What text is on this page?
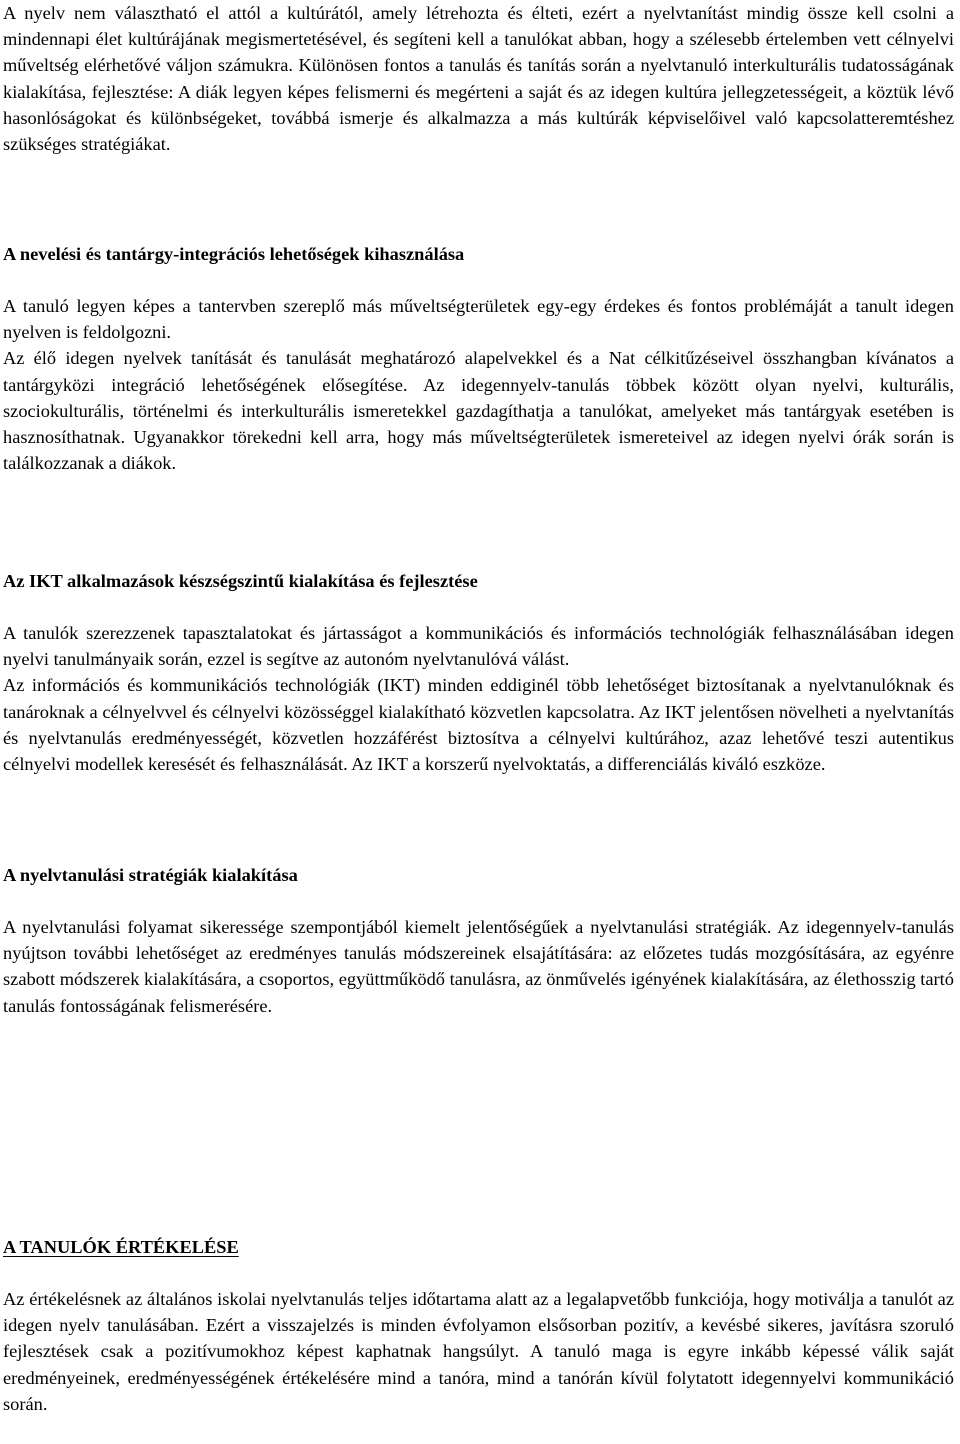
A nyelv nem választható el attól a kultúrától, amely létrehozta és élteti, ezért a nyelvtanítást mindig össze kell csolni a mindennapi élet kultúrájának megismertetésével, és segíteni kell a tanulókat abban, hogy a szélesebb értelemben vett célnyelvi műveltség elérhetővé váljon számukra. Különösen fontos a tanulás és tanítás során a nyelvtanuló interkulturális tudatosságának kialakítása, fejlesztése: A diák legyen képes felismerni és megérteni a saját és az idegen kultúra jellegzetességeit, a köztük lévő hasonlóságokat és különbségeket, továbbá ismerje és alkalmazza a más kultúrák képviselőivel való kapcsolatteremtéshez szükséges stratégiákat.

A nevelési és tantárgy-integrációs lehetőségek kihasználása

A tanuló legyen képes a tantervben szereplő más műveltségterületek egy-egy érdekes és fontos problémáját a tanult idegen nyelven is feldolgozni.

Az élő idegen nyelvek tanítását és tanulását meghatározó alapelvekkel és a Nat célkitűzéseivel összhangban kívánatos a tantárgyközi integráció lehetőségének elősegítése. Az idegennyelv-tanulás többek között olyan nyelvi, kulturális, szociokulturális, történelmi és interkulturális ismeretekkel gazdagíthatja a tanulókat, amelyeket más tantárgyak esetében is hasznosíthatnak. Ugyanakkor törekedni kell arra, hogy más műveltségterületek ismereteivel az idegen nyelvi órák során is találkozzanak a diákok.

Az IKT alkalmazások készségszintű kialakítása és fejlesztése

A tanulók szerezzenek tapasztalatokat és jártasságot a kommunikációs és információs technológiák felhasználásában idegen nyelvi tanulmányaik során, ezzel is segítve az autonóm nyelvtanulóvá válást.

Az információs és kommunikációs technológiák (IKT) minden eddiginél több lehetőséget biztosítanak a nyelvtanulóknak és tanároknak a célnyelvvel és célnyelvi közösséggel kialakítható közvetlen kapcsolatra. Az IKT jelentősen növelheti a nyelvtanítás és nyelvtanulás eredményességét, közvetlen hozzáférést biztosítva a célnyelvi kultúrához, azaz lehetővé teszi autentikus célnyelvi modellek keresését és felhasználását. Az IKT a korszerű nyelvoktatás, a differenciálás kiváló eszköze.

A nyelvtanulási stratégiák kialakítása

A nyelvtanulási folyamat sikeressége szempontjából kiemelt jelentőségűek a nyelvtanulási stratégiák. Az idegennyelv-tanulás nyújtson további lehetőséget az eredményes tanulás módszereinek elsajátítására: az előzetes tudás mozgósítására, az egyénre szabott módszerek kialakítására, a csoportos, együttműködő tanulásra, az önművelés igényének kialakítására, az élethosszig tartó tanulás fontosságának felismerésére.

A TANULÓK ÉRTÉKELÉSE

Az értékelésnek az általános iskolai nyelvtanulás teljes időtartama alatt az a legalapvetőbb funkciója, hogy motiválja a tanulót az idegen nyelv tanulásában. Ezért a visszajelzés is minden évfolyamon elsősorban pozitív, a kevésbé sikeres, javításra szoruló fejlesztések csak a pozitívumokhoz képest kaphatnak hangsúlyt. A tanuló maga is egyre inkább képessé válik saját eredményeinek, eredményességének értékelésére mind a tanóra, mind a tanórán kívül folytatott idegennyelvi kommunikáció során.
